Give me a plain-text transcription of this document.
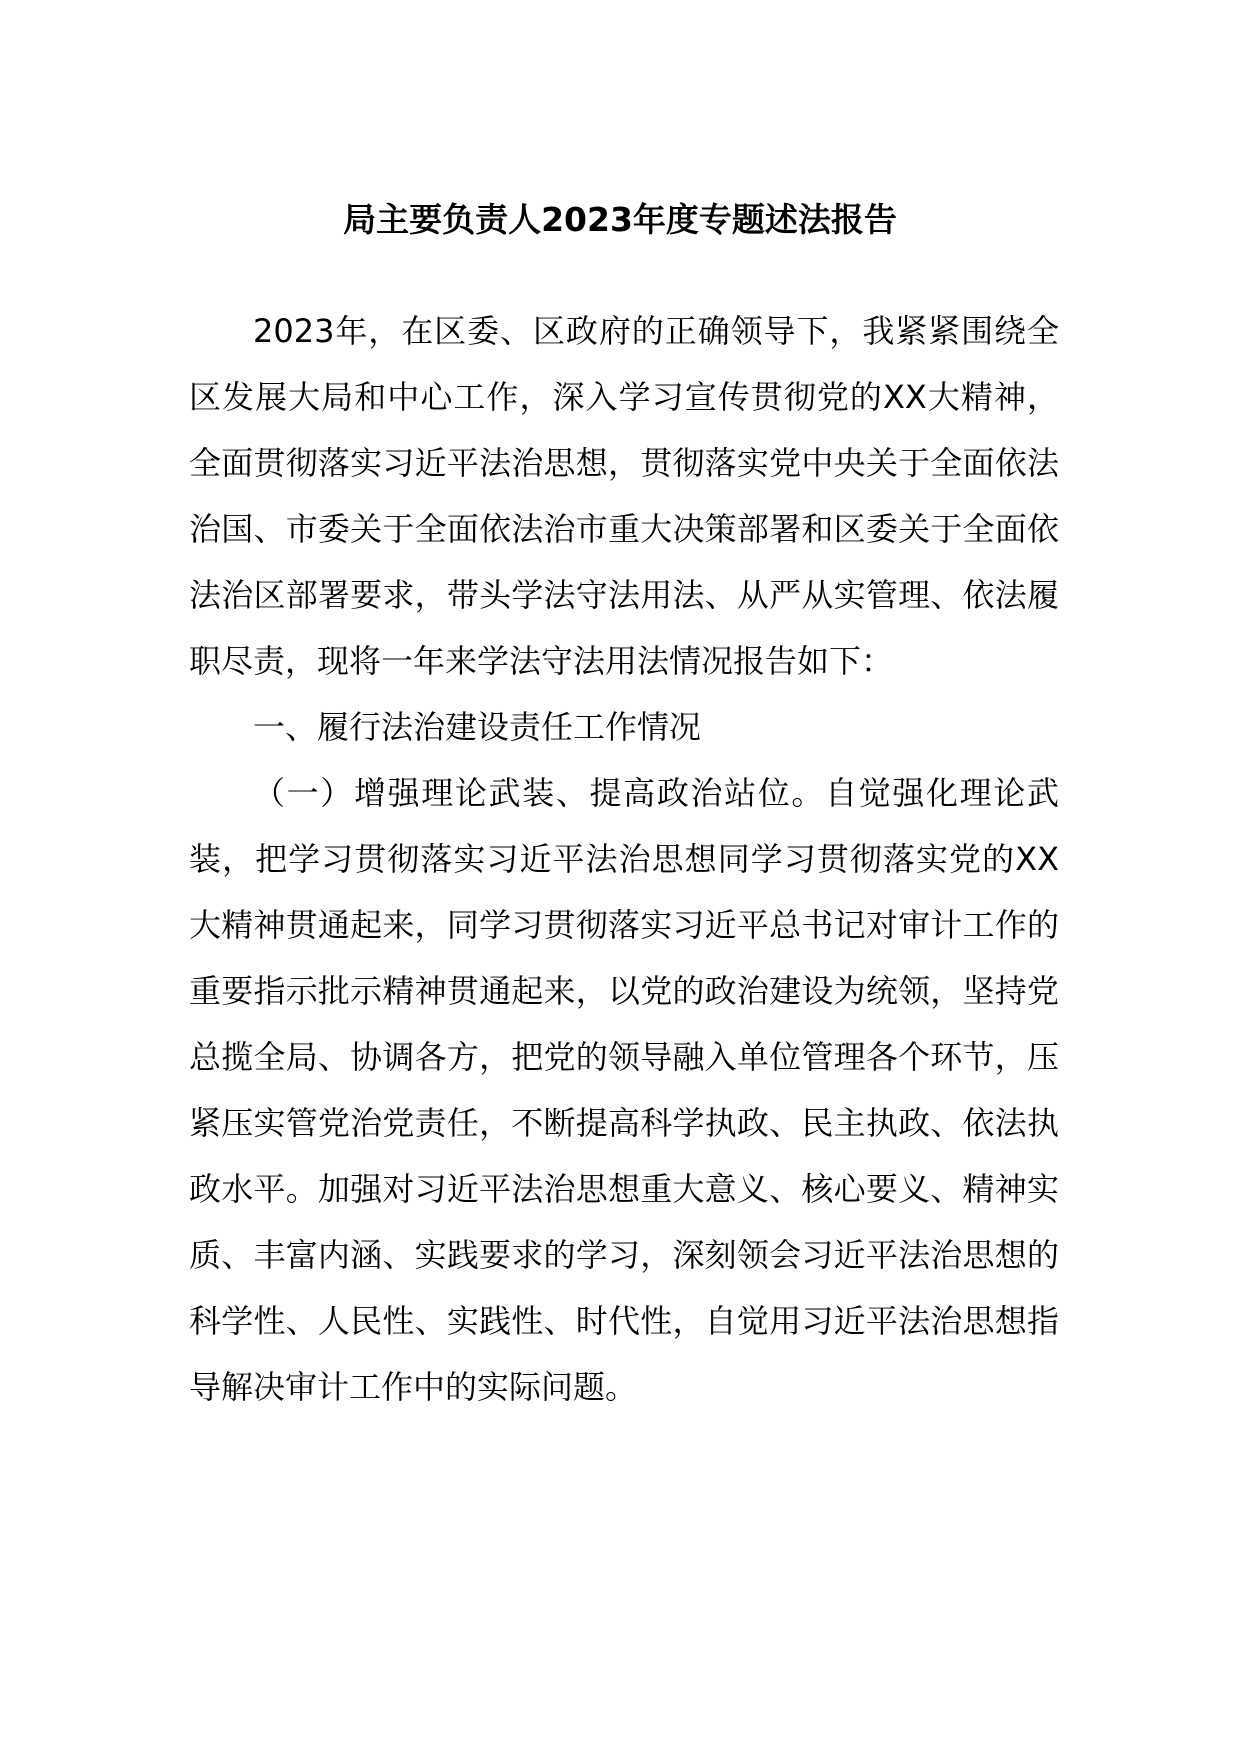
局主要负责人2023年度专题述法报告

2023年，在区委、区政府的正确领导下，我紧紧围绕全区发展大局和中心工作，深入学习宣传贯彻党的XX大精神，全面贯彻落实习近平法治思想，贯彻落实党中央关于全面依法治国、市委关于全面依法治市重大决策部署和区委关于全面依法治区部署要求，带头学法守法用法、从严从实管理、依法履职尽责，现将一年来学法守法用法情况报告如下：

一、履行法治建设责任工作情况

（一）增强理论武装、提高政治站位。自觉强化理论武装，把学习贯彻落实习近平法治思想同学习贯彻落实党的XX大精神贯通起来，同学习贯彻落实习近平总书记对审计工作的重要指示批示精神贯通起来，以党的政治建设为统领，坚持党总揽全局、协调各方，把党的领导融入单位管理各个环节，压紧压实管党治党责任，不断提高科学执政、民主执政、依法执政水平。加强对习近平法治思想重大意义、核心要义、精神实质、丰富内涵、实践要求的学习，深刻领会习近平法治思想的科学性、人民性、实践性、时代性，自觉用习近平法治思想指导解决审计工作中的实际问题。
